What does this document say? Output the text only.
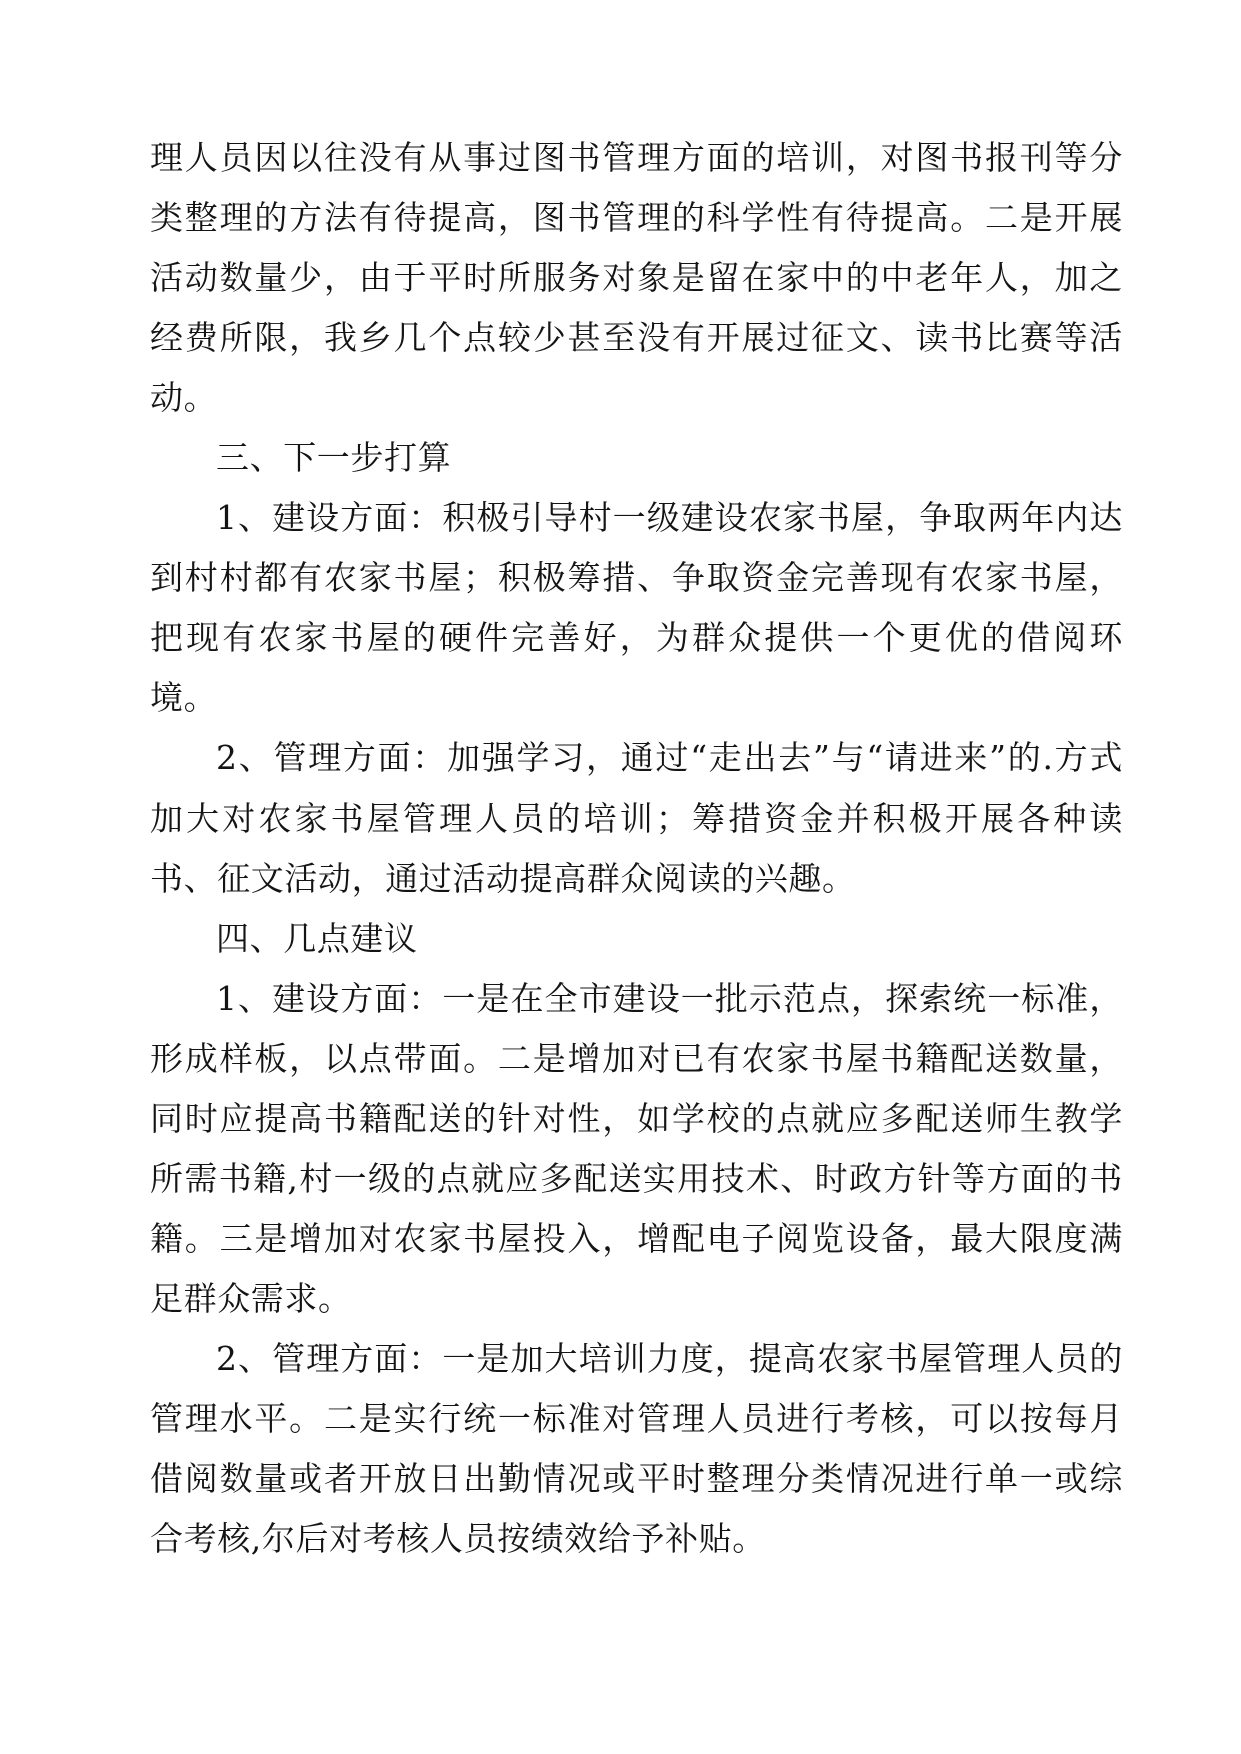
理人员因以往没有从事过图书管理方面的培训，对图书报刊等分类整理的方法有待提高，图书管理的科学性有待提高。二是开展活动数量少，由于平时所服务对象是留在家中的中老年人，加之经费所限，我乡几个点较少甚至没有开展过征文、读书比赛等活动。

三、下一步打算

1、建设方面：积极引导村一级建设农家书屋，争取两年内达到村村都有农家书屋；积极筹措、争取资金完善现有农家书屋，把现有农家书屋的硬件完善好，为群众提供一个更优的借阅环境。

2、管理方面：加强学习，通过“走出去”与“请进来”的.方式加大对农家书屋管理人员的培训；筹措资金并积极开展各种读书、征文活动，通过活动提高群众阅读的兴趣。

四、几点建议

1、建设方面：一是在全市建设一批示范点，探索统一标准，形成样板，以点带面。二是增加对已有农家书屋书籍配送数量，同时应提高书籍配送的针对性，如学校的点就应多配送师生教学所需书籍,村一级的点就应多配送实用技术、时政方针等方面的书籍。三是增加对农家书屋投入，增配电子阅览设备，最大限度满足群众需求。

2、管理方面：一是加大培训力度，提高农家书屋管理人员的管理水平。二是实行统一标准对管理人员进行考核，可以按每月借阅数量或者开放日出勤情况或平时整理分类情况进行单一或综合考核,尔后对考核人员按绩效给予补贴。
